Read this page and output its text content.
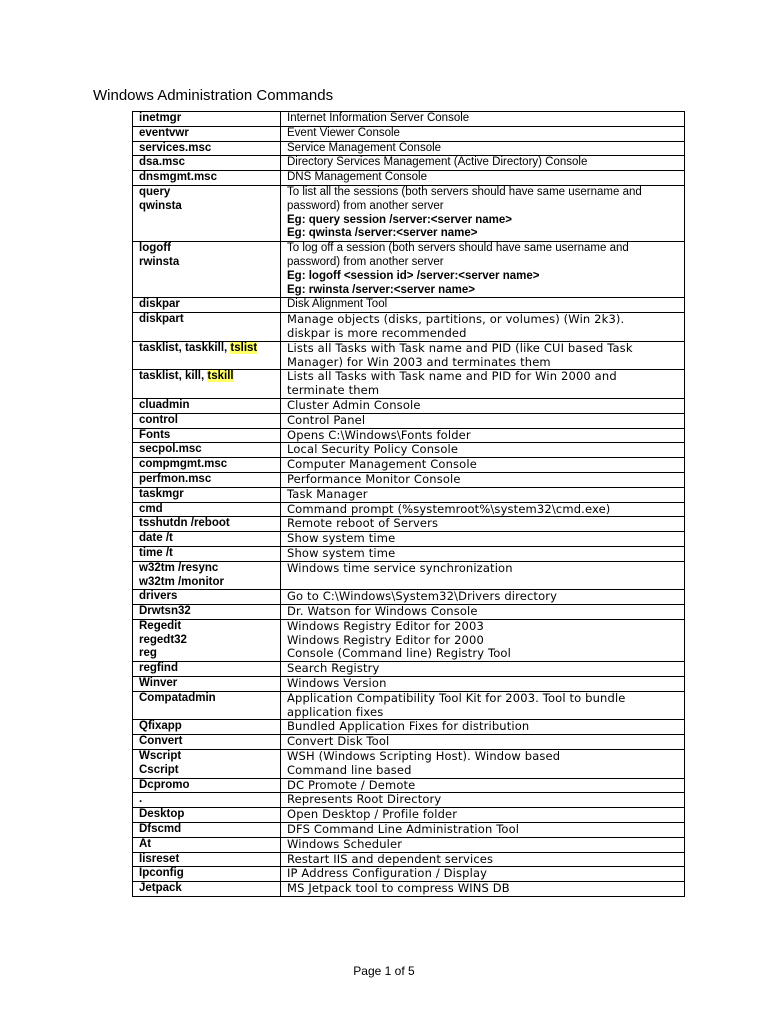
Windows Administration Commands
inetmgr	Internet Information Server Console

eventvwr	Event Viewer Console

services.msc	Service Management Console

dsa.msc	Directory Services Management (Active Directory) Console

dnsmgmt.msc	DNS Management Console

query
qwinsta	To list all the sessions (both servers should have same username and password) from another server
Eg: query session /server:<server name>
Eg: qwinsta /server:<server name>

logoff
rwinsta	To log off a session (both servers should have same username and password) from another server
Eg: logoff <session id> /server:<server name>
Eg: rwinsta /server:<server name>

diskpar	Disk Alignment Tool

diskpart	Manage objects (disks, partitions, or volumes) (Win 2k3).
diskpar is more recommended

tasklist, taskkill, tslist	Lists all Tasks with Task name and PID (like CUI based Task Manager) for Win 2003 and terminates them

tasklist, kill, tskill	Lists all Tasks with Task name and PID for Win 2000 and terminate them

cluadmin	Cluster Admin Console

control	Control Panel

Fonts	Opens C:\Windows\Fonts folder

secpol.msc	Local Security Policy Console

compmgmt.msc	Computer Management Console

perfmon.msc	Performance Monitor Console

taskmgr	Task Manager

cmd	Command prompt (%systemroot%\system32\cmd.exe)

tsshutdn /reboot	Remote reboot of Servers

date /t	Show system time

time /t	Show system time

w32tm /resync
w32tm /monitor	Windows time service synchronization

drivers	Go to C:\Windows\System32\Drivers directory

Drwtsn32	Dr. Watson for Windows Console

Regedit
regedt32
reg	Windows Registry Editor for 2003
Windows Registry Editor for 2000
Console (Command line) Registry Tool

regfind	Search Registry

Winver	Windows Version

Compatadmin	Application Compatibility Tool Kit for 2003. Tool to bundle application fixes

Qfixapp	Bundled Application Fixes for distribution

Convert	Convert Disk Tool

Wscript
Cscript	WSH (Windows Scripting Host). Window based
Command line based

Dcpromo	DC Promote / Demote

.	Represents Root Directory

Desktop	Open Desktop / Profile folder

Dfscmd	DFS Command Line Administration Tool

At	Windows Scheduler

Iisreset	Restart IIS and dependent services

Ipconfig	IP Address Configuration / Display

Jetpack	MS Jetpack tool to compress WINS DB
Page 1 of 5
